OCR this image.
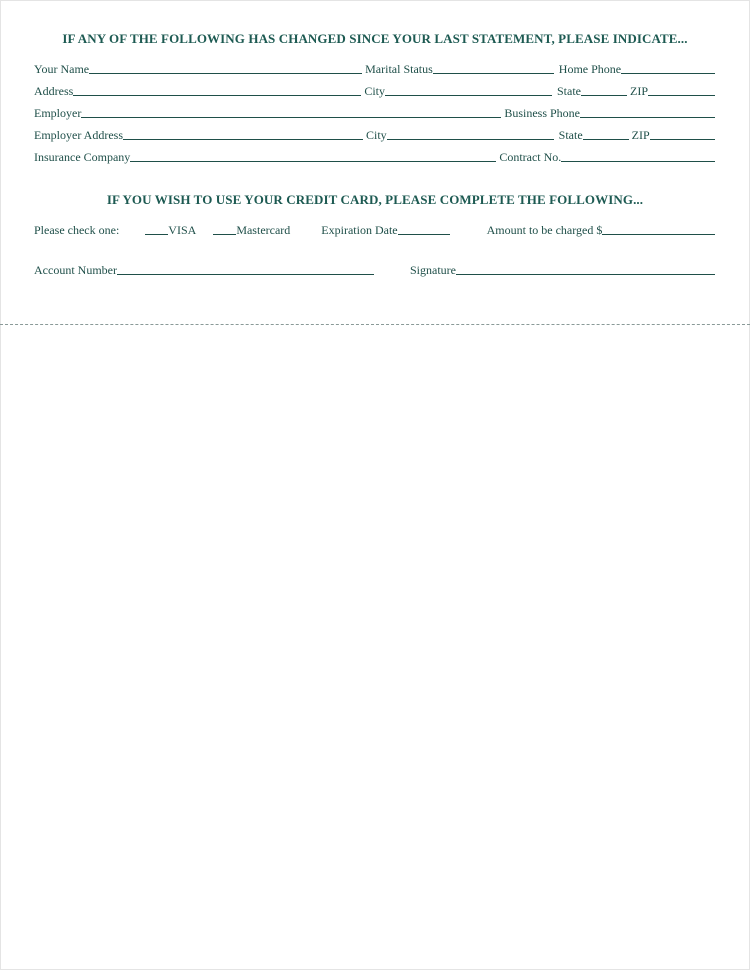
IF ANY OF THE FOLLOWING HAS CHANGED SINCE YOUR LAST STATEMENT, PLEASE INDICATE...
Your Name	Marital Status	Home Phone
Address	City	State	ZIP
Employer	Business Phone
Employer Address	City	State	ZIP
Insurance Company	Contract No.
IF YOU WISH TO USE YOUR CREDIT CARD, PLEASE COMPLETE THE FOLLOWING...
Please check one:	VISA	Mastercard	Expiration Date	Amount to be charged $
Account Number	Signature
